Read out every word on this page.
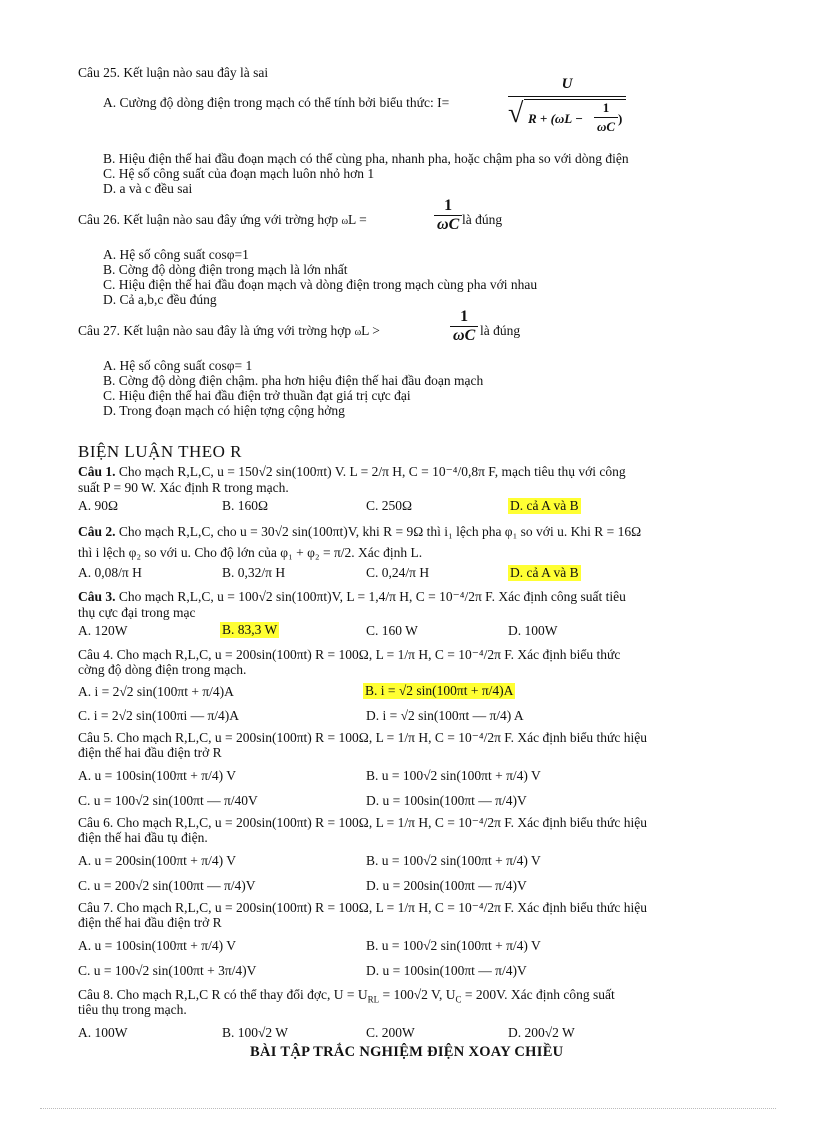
Câu 25. Kết luận nào sau đây là sai
A. Cường độ dòng điện trong mạch có thể tính bởi biểu thức: I=
U
√ $R + (\omega L - \frac{1}{\omega C}$ )
B. Hiệu điện thế hai đầu đoạn mạch có thể cùng pha, nhanh pha, hoặc chậm pha so với dòng điện
C. Hệ số công suất của đoạn mạch luôn nhỏ hơn 1
D. a và c đều sai
Câu 26. Kết luận nào sau đây ứng với trờng hợp ωL =	$\frac{1}{\omega C}$ là đúng
A. Hệ số công suất cosφ=1
B. Cờng độ dòng điện trong mạch là lớn nhất
C. Hiệu điện thế hai đầu đoạn mạch và dòng điện trong mạch cùng pha với nhau
D. Cả a,b,c đều đúng
Câu 27. Kết luận nào sau đây là ứng với trờng hợp ωL >	$\frac{1}{\omega C}$ là đúng
A. Hệ số công suất cosφ= 1
B. Cờng độ dòng điện chậm. pha hơn hiệu điện thế hai đầu đoạn mạch
C. Hiệu điện thế hai đầu điện trở thuần đạt giá trị cực đại
D. Trong đoạn mạch có hiện tợng cộng hởng
BIỆN LUẬN THEO R
Câu 1. Cho mạch R,L,C, u = 150√2 sin(100πt) V. L = 2/π H, C = 10⁻⁴/0,8π F, mạch tiêu thụ với công
suất P = 90 W. Xác định R trong mạch.
A. 90Ω	B. 160Ω	C. 250Ω	D. cả A và B
Câu 2. Cho mạch R,L,C, cho u = 30√2 sin(100πt)V, khi R = 9Ω thì i₁ lệch pha φ₁ so với u. Khi R = 16Ω
thì i lệch φ₂ so với u. Cho độ lớn của φ₁ + φ₂ = π/2. Xác định L.
A. 0,08/π H	B. 0,32/π H	C. 0,24/π H	D. cả A và B
Câu 3. Cho mạch R,L,C, u = 100√2 sin(100πt)V, L = 1,4/π H, C = 10⁻⁴/2π F. Xác định công suất tiêu
thụ cực đại trong mạc
A. 120W	B. 83,3 W	C. 160 W	D. 100W
Câu 4. Cho mạch R,L,C, u = 200sin(100πt) R = 100Ω, L = 1/π H, C = 10⁻⁴/2π F. Xác định biểu thức
cờng độ dòng điện trong mạch.
A. i = 2√2 sin(100πt + π/4)A	B. i = √2 sin(100πt + π/4)A
C. i = 2√2 sin(100πi — π/4)A	D. i = √2 sin(100πt — π/4) A
Câu 5. Cho mạch R,L,C, u = 200sin(100πt) R = 100Ω, L = 1/π H, C = 10⁻⁴/2π F. Xác định biểu thức hiệu
điện thế hai đầu điện trở R
A. u = 100sin(100πt + π/4) V	B. u = 100√2 sin(100πt + π/4) V
C. u = 100√2 sin(100πt — π/40V	D. u = 100sin(100πt — π/4)V
Câu 6. Cho mạch R,L,C, u = 200sin(100πt) R = 100Ω, L = 1/π H, C = 10⁻⁴/2π F. Xác định biểu thức hiệu
điện thế hai đầu tụ điện.
A. u = 200sin(100πt + π/4) V	B. u = 100√2 sin(100πt + π/4) V
C. u = 200√2 sin(100πt — π/4)V	D. u = 200sin(100πt — π/4)V
Câu 7. Cho mạch R,L,C, u = 200sin(100πt) R = 100Ω, L = 1/π H, C = 10⁻⁴/2π F. Xác định biểu thức hiệu
điện thế hai đầu điện trở R
A. u = 100sin(100πt + π/4) V	B. u = 100√2 sin(100πt + π/4) V
C. u = 100√2 sin(100πt + 3π/4)V	D. u = 100sin(100πt — π/4)V
Câu 8. Cho mạch R,L,C R có thể thay đổi đợc, $U = U_{RL} = 100√2$ V, $U_C = 200V$. Xác định công suất
tiêu thụ trong mạch.
A. 100W	B. 100√2 W	C. 200W	D. 200√2 W
BÀI TẬP TRẮC NGHIỆM ĐIỆN XOAY CHIỀU
